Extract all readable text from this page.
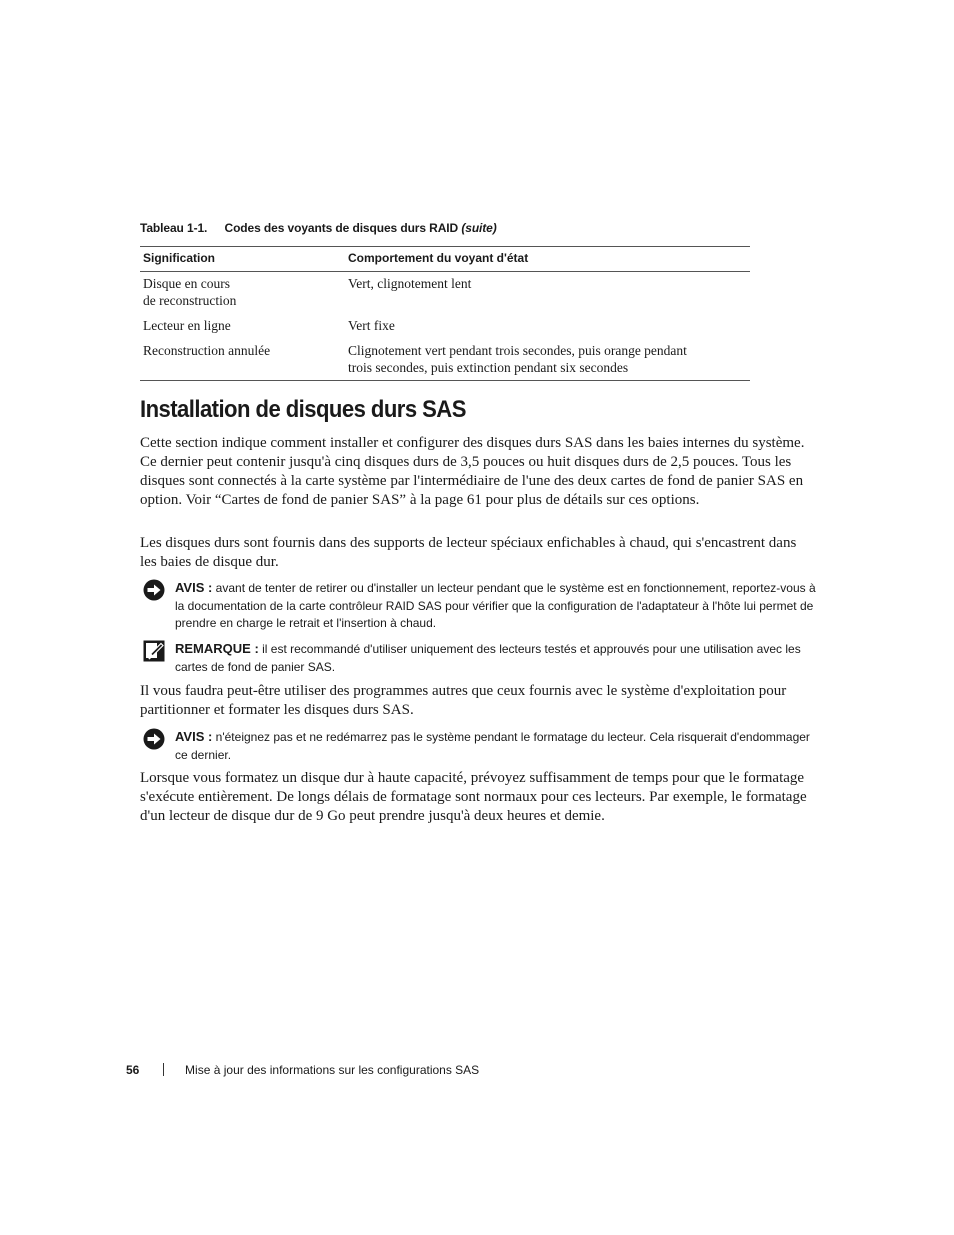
Tableau 1-1. Codes des voyants de disques durs RAID (suite)
Signification	Comportement du voyant d'état
Disque en cours
de reconstruction	Vert, clignotement lent
Lecteur en ligne	Vert fixe
Reconstruction annulée	Clignotement vert pendant trois secondes, puis orange pendant
trois secondes, puis extinction pendant six secondes
Installation de disques durs SAS

Cette section indique comment installer et configurer des disques durs SAS dans les baies internes du système. Ce dernier peut contenir jusqu'à cinq disques durs de 3,5 pouces ou huit disques durs de 2,5 pouces. Tous les disques sont connectés à la carte système par l'intermédiaire de l'une des deux cartes de fond de panier SAS en option. Voir “Cartes de fond de panier SAS” à la page 61 pour plus de détails sur ces options.

Les disques durs sont fournis dans des supports de lecteur spéciaux enfichables à chaud, qui s'encastrent dans les baies de disque dur.

AVIS : avant de tenter de retirer ou d'installer un lecteur pendant que le système est en fonctionnement, reportez-vous à la documentation de la carte contrôleur RAID SAS pour vérifier que la configuration de l'adaptateur à l'hôte lui permet de prendre en charge le retrait et l'insertion à chaud.
REMARQUE : il est recommandé d'utiliser uniquement des lecteurs testés et approuvés pour une utilisation avec les cartes de fond de panier SAS.

Il vous faudra peut-être utiliser des programmes autres que ceux fournis avec le système d'exploitation pour partitionner et formater les disques durs SAS.

AVIS : n'éteignez pas et ne redémarrez pas le système pendant le formatage du lecteur. Cela risquerait d'endommager ce dernier.

Lorsque vous formatez un disque dur à haute capacité, prévoyez suffisamment de temps pour que le formatage s'exécute entièrement. De longs délais de formatage sont normaux pour ces lecteurs. Par exemple, le formatage d'un lecteur de disque dur de 9 Go peut prendre jusqu'à deux heures et demie.

56	Mise à jour des informations sur les configurations SAS
